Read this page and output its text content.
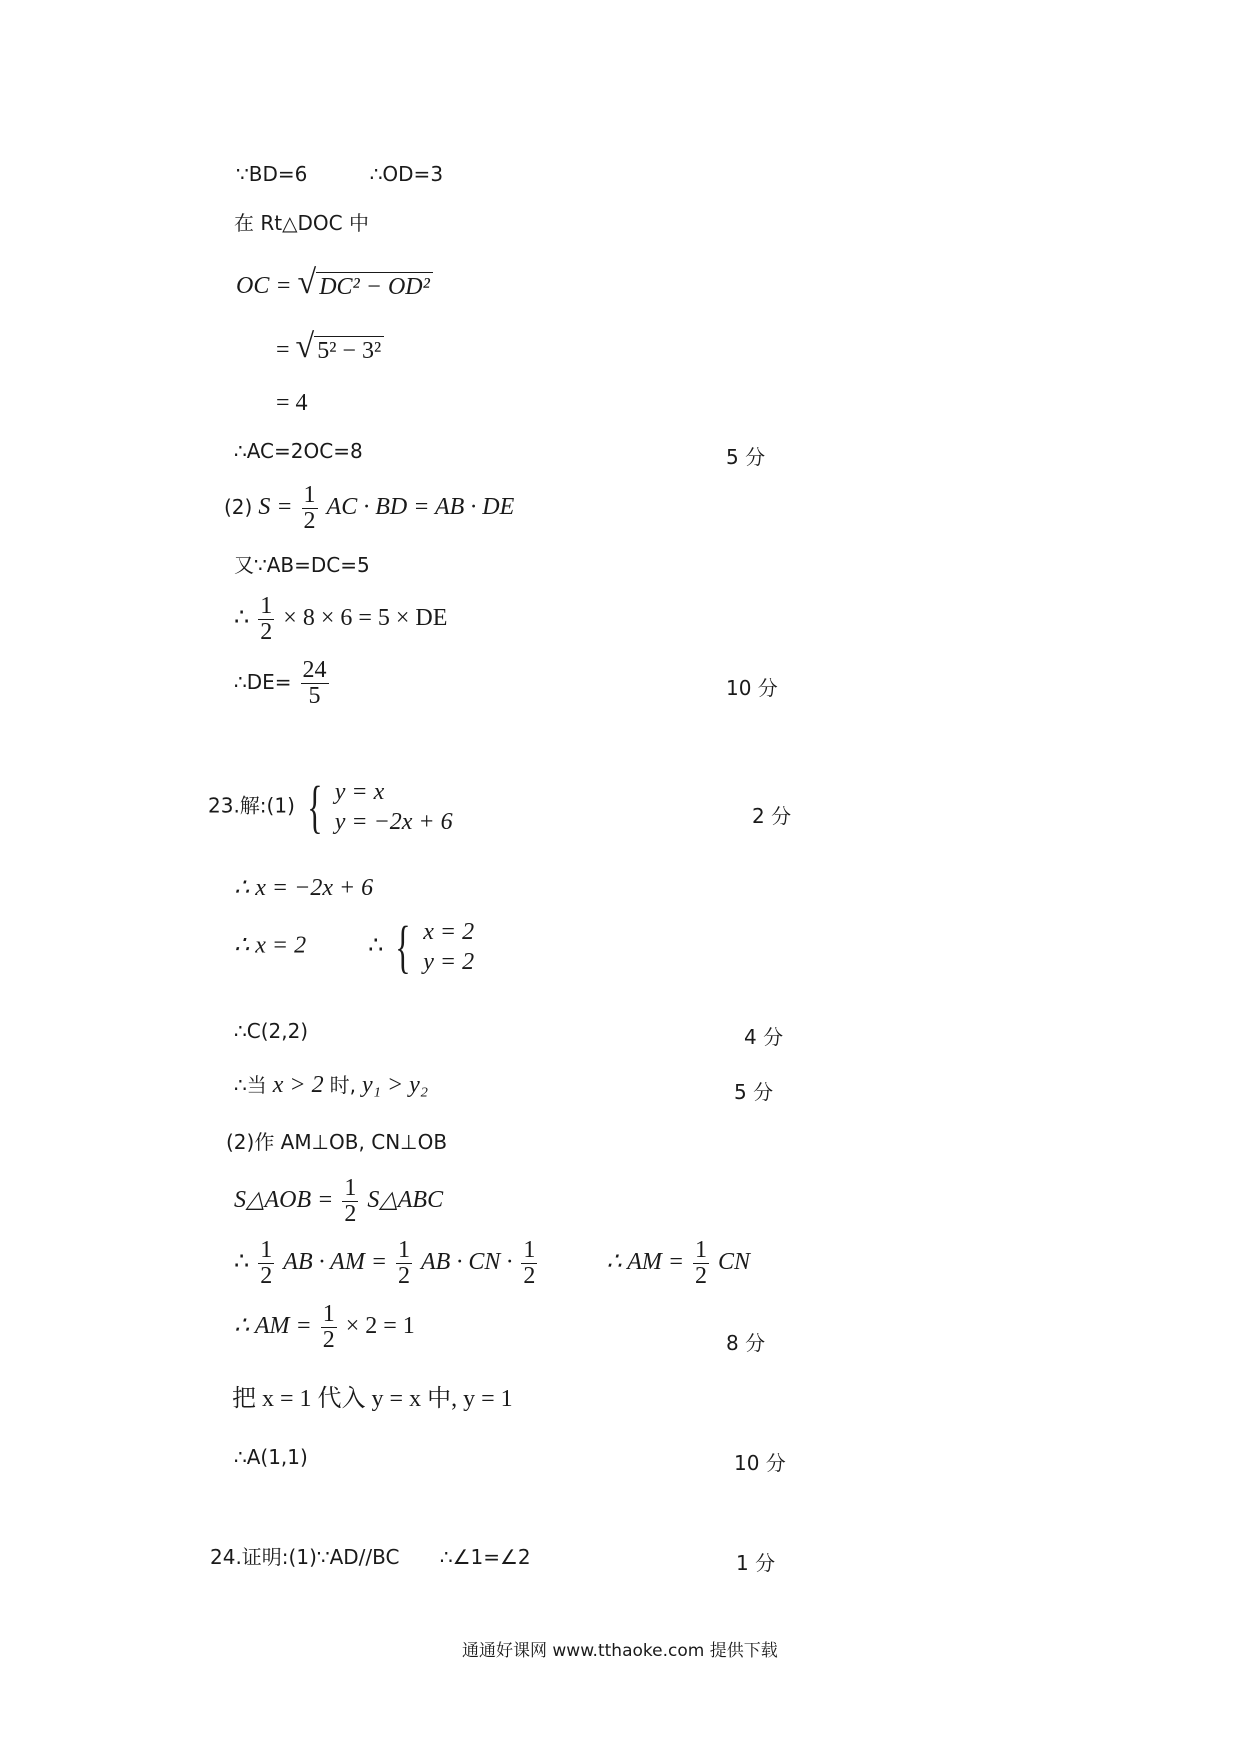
∵BD=6	∴OD=3
在 Rt△DOC 中
OC = √ DC² − OD²
= √ 5² − 3²
= 4
∴AC=2OC=8	5 分
(2) $S = \frac{1}{2}$ AC · BD = AB · DE
又∵AB=DC=5
∴ $\frac{1}{2} \times 8 \times 6 = 5$ × DE
∴DE= $\frac{24}{5}$	10 分
23.解:(1) { y = x
y = −2x + 6	2 分
∴ x = −2x + 6
∴ x = 2	∴ { x = 2
y = 2
∴C(2,2)	4 分
∴当 x > 2 时, y₁ > y₂	5 分
(2)作 AM⊥OB, CN⊥OB
S△AOB = $\frac{1}{2}$ S△ABC
∴ $\frac{1}{2}$ AB · AM = $\frac{1}{2}$ AB · CN · $\frac{1}{2}$	∴ AM = $\frac{1}{2}$ CN
∴ AM = $\frac{1}{2} \times 2 = 1$
8 分
把 x = 1 代入 y = x 中, y = 1
∴A(1,1)	10 分
24.证明:(1)∵AD//BC ∴∠1=∠2	1 分
通通好课网 www.tthaoke.com 提供下载
